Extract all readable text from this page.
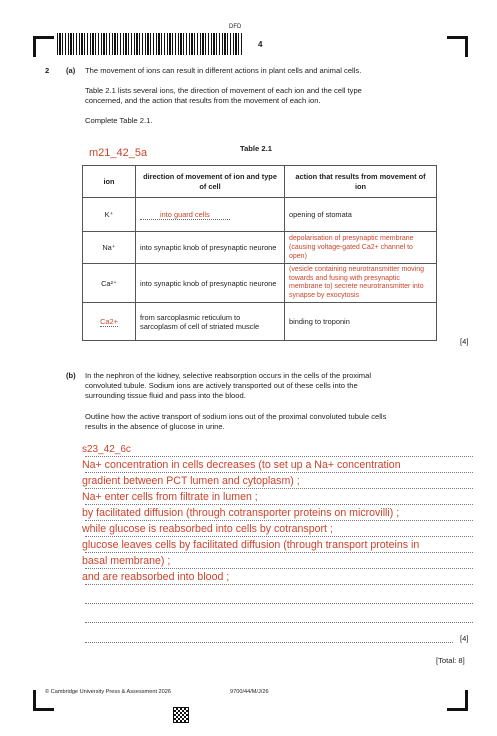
DFD
4
2 (a) The movement of ions can result in different actions in plant cells and animal cells.
Table 2.1 lists several ions, the direction of movement of each ion and the cell type
concerned, and the action that results from the movement of each ion.
Complete Table 2.1.
m21_42_5a	Table 2.1
ion	direction of movement of ion and type of cell	action that results from movement of ion
K⁺	into guard cells	opening of stomata
Na⁺	into synaptic knob of presynaptic neurone	depolarisation of presynaptic membrane (causing voltage-gated Ca2+ channel to open)
Ca²⁺	into synaptic knob of presynaptic neurone	(vesicle containing neurotransmitter moving towards and fusing with presynaptic membrane to) secrete neurotransmitter into synapse by exocytosis
Ca2+	from sarcoplasmic reticulum to sarcoplasm of cell of striated muscle	binding to troponin
[4]
(b) In the nephron of the kidney, selective reabsorption occurs in the cells of the proximal
convoluted tubule. Sodium ions are actively transported out of these cells into the
surrounding tissue fluid and pass into the blood.
Outline how the active transport of sodium ions out of the proximal convoluted tubule cells
results in the absence of glucose in urine.
s23_42_6c
Na+ concentration in cells decreases (to set up a Na+ concentration
gradient between PCT lumen and cytoplasm) ;
Na+ enter cells from filtrate in lumen ;
by facilitated diffusion (through cotransporter proteins on microvilli) ;
while glucose is reabsorbed into cells by cotransport ;
glucose leaves cells by facilitated diffusion (through transport proteins in
basal membrane) ;
and are reabsorbed into blood ;
[4]
[Total: 8]
© Cambridge University Press & Assessment 2026	9700/44/M/J/26
